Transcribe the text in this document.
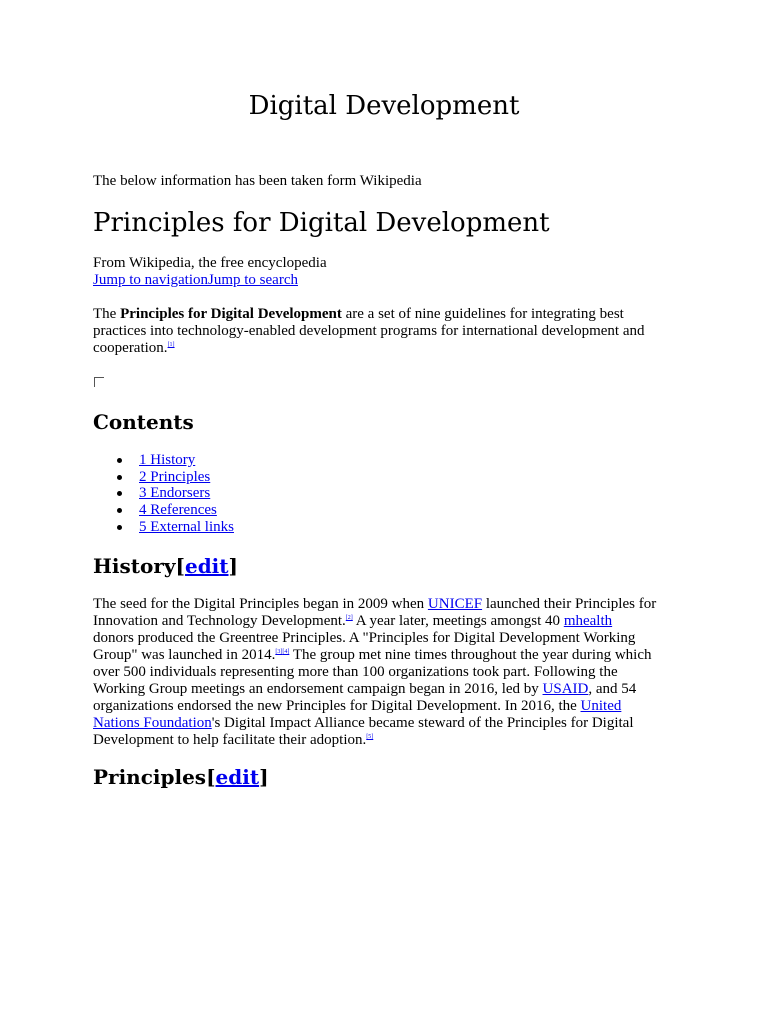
Digital Development

The below information has been taken form Wikipedia

Principles for Digital Development

From Wikipedia, the free encyclopedia

Jump to navigationJump to search

The Principles for Digital Development are a set of nine guidelines for integrating best
practices into technology-enabled development programs for international development and
cooperation.[1]
Contents
1 History
2 Principles
3 Endorsers
4 References
5 External links
History[edit]
The seed for the Digital Principles began in 2009 when UNICEF launched their Principles for
Innovation and Technology Development.[2] A year later, meetings amongst 40 mhealth
donors produced the Greentree Principles. A "Principles for Digital Development Working
Group" was launched in 2014.[3][4] The group met nine times throughout the year during which
over 500 individuals representing more than 100 organizations took part. Following the
Working Group meetings an endorsement campaign began in 2016, led by USAID, and 54
organizations endorsed the new Principles for Digital Development. In 2016, the United
Nations Foundation's Digital Impact Alliance became steward of the Principles for Digital
Development to help facilitate their adoption.[5]
Principles[edit]
